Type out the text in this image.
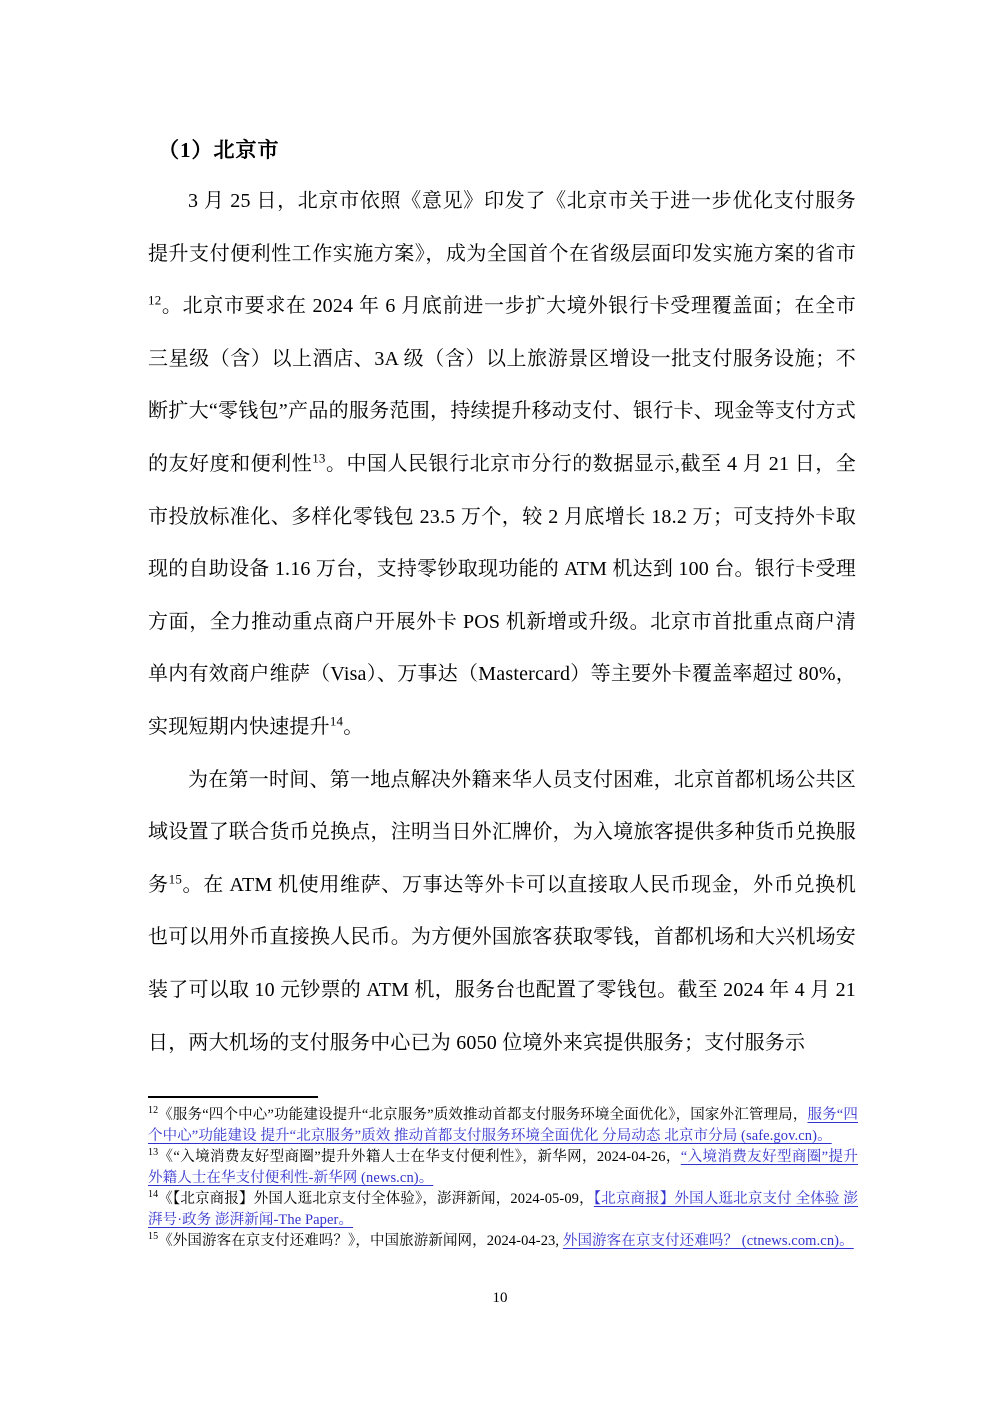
（1）北京市

3 月 25 日，北京市依照《意见》印发了《北京市关于进一步优化支付服务提升支付便利性工作实施方案》，成为全国首个在省级层面印发实施方案的省市$^{12}$。北京市要求在 2024 年 6 月底前进一步扩大境外银行卡受理覆盖面；在全市三星级（含）以上酒店、3A 级（含）以上旅游景区增设一批支付服务设施；不断扩大“零钱包”产品的服务范围，持续提升移动支付、银行卡、现金等支付方式的友好度和便利性$^{13}$。中国人民银行北京市分行的数据显示,截至 4 月 21 日，全市投放标准化、多样化零钱包 23.5 万个，较 2 月底增长 18.2 万；可支持外卡取现的自助设备 1.16 万台，支持零钞取现功能的 ATM 机达到 100 台。银行卡受理方面，全力推动重点商户开展外卡 POS 机新增或升级。北京市首批重点商户清单内有效商户维萨（Visa）、万事达（Mastercard）等主要外卡覆盖率超过 80%，实现短期内快速提升$^{14}$。

为在第一时间、第一地点解决外籍来华人员支付困难，北京首都机场公共区域设置了联合货币兑换点，注明当日外汇牌价，为入境旅客提供多种货币兑换服务$^{15}$。在 ATM 机使用维萨、万事达等外卡可以直接取人民币现金，外币兑换机也可以用外币直接换人民币。为方便外国旅客获取零钱，首都机场和大兴机场安装了可以取 10 元钞票的 ATM 机，服务台也配置了零钱包。截至 2024 年 4 月 21 日，两大机场的支付服务中心已为 6050 位境外来宾提供服务；支付服务示

$^{12}$《服务“四个中心”功能建设提升“北京服务”质效推动首都支付服务环境全面优化》，国家外汇管理局，服务“四个中心”功能建设 提升“北京服务”质效 推动首都支付服务环境全面优化 分局动态 北京市分局 (safe.gov.cn)。
$^{13}$《“入境消费友好型商圈”提升外籍人士在华支付便利性》，新华网，2024-04-26，“入境消费友好型商圈”提升外籍人士在华支付便利性-新华网 (news.cn)。
$^{14}$《【北京商报】外国人逛北京支付全体验》，澎湃新闻，2024-05-09，【北京商报】外国人逛北京支付 全体验 澎湃号·政务 澎湃新闻-The Paper。
$^{15}$《外国游客在京支付还难吗？》，中国旅游新闻网，2024-04-23, 外国游客在京支付还难吗？ (ctnews.com.cn)。
10
